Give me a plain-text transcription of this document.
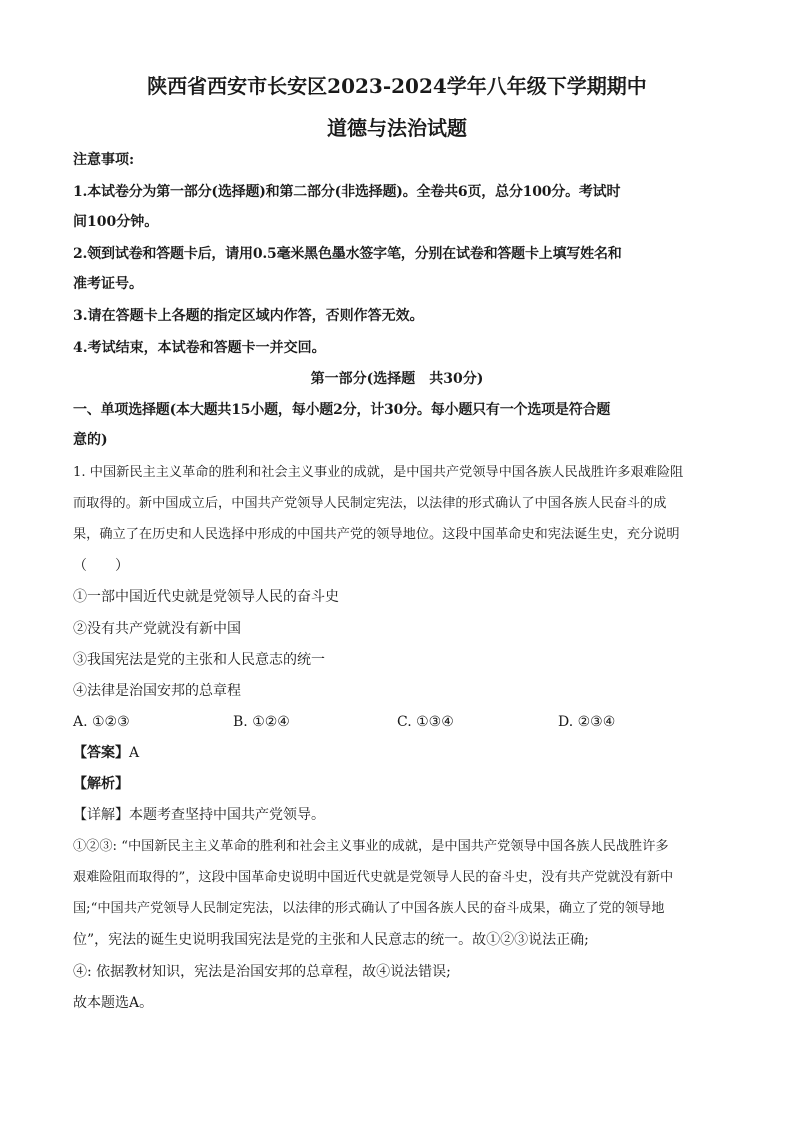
陕西省西安市长安区2023-2024学年八年级下学期期中
道德与法治试题
注意事项:
1.本试卷分为第一部分(选择题)和第二部分(非选择题)。全卷共6页，总分100分。考试时
间100分钟。
2.领到试卷和答题卡后，请用0.5毫米黑色墨水签字笔，分别在试卷和答题卡上填写姓名和
准考证号。
3.请在答题卡上各题的指定区域内作答，否则作答无效。
4.考试结束，本试卷和答题卡一并交回。
第一部分(选择题　共30分)
一、单项选择题(本大题共15小题，每小题2分，计30分。每小题只有一个选项是符合题
意的)
1. 中国新民主主义革命的胜利和社会主义事业的成就，是中国共产党领导中国各族人民战胜许多艰难险阻
而取得的。新中国成立后，中国共产党领导人民制定宪法，以法律的形式确认了中国各族人民奋斗的成
果，确立了在历史和人民选择中形成的中国共产党的领导地位。这段中国革命史和宪法诞生史，充分说明
（　　）
①一部中国近代史就是党领导人民的奋斗史
②没有共产党就没有新中国
③我国宪法是党的主张和人民意志的统一
④法律是治国安邦的总章程
A. ①②③	B. ①②④	C. ①③④	D. ②③④
【答案】A
【解析】
【详解】本题考查坚持中国共产党领导。
①②③: “中国新民主主义革命的胜利和社会主义事业的成就，是中国共产党领导中国各族人民战胜许多
艰难险阻而取得的”，这段中国革命史说明中国近代史就是党领导人民的奋斗史，没有共产党就没有新中
国;“中国共产党领导人民制定宪法，以法律的形式确认了中国各族人民的奋斗成果，确立了党的领导地
位”，宪法的诞生史说明我国宪法是党的主张和人民意志的统一。故①②③说法正确;
④: 依据教材知识，宪法是治国安邦的总章程，故④说法错误;
故本题选A。
